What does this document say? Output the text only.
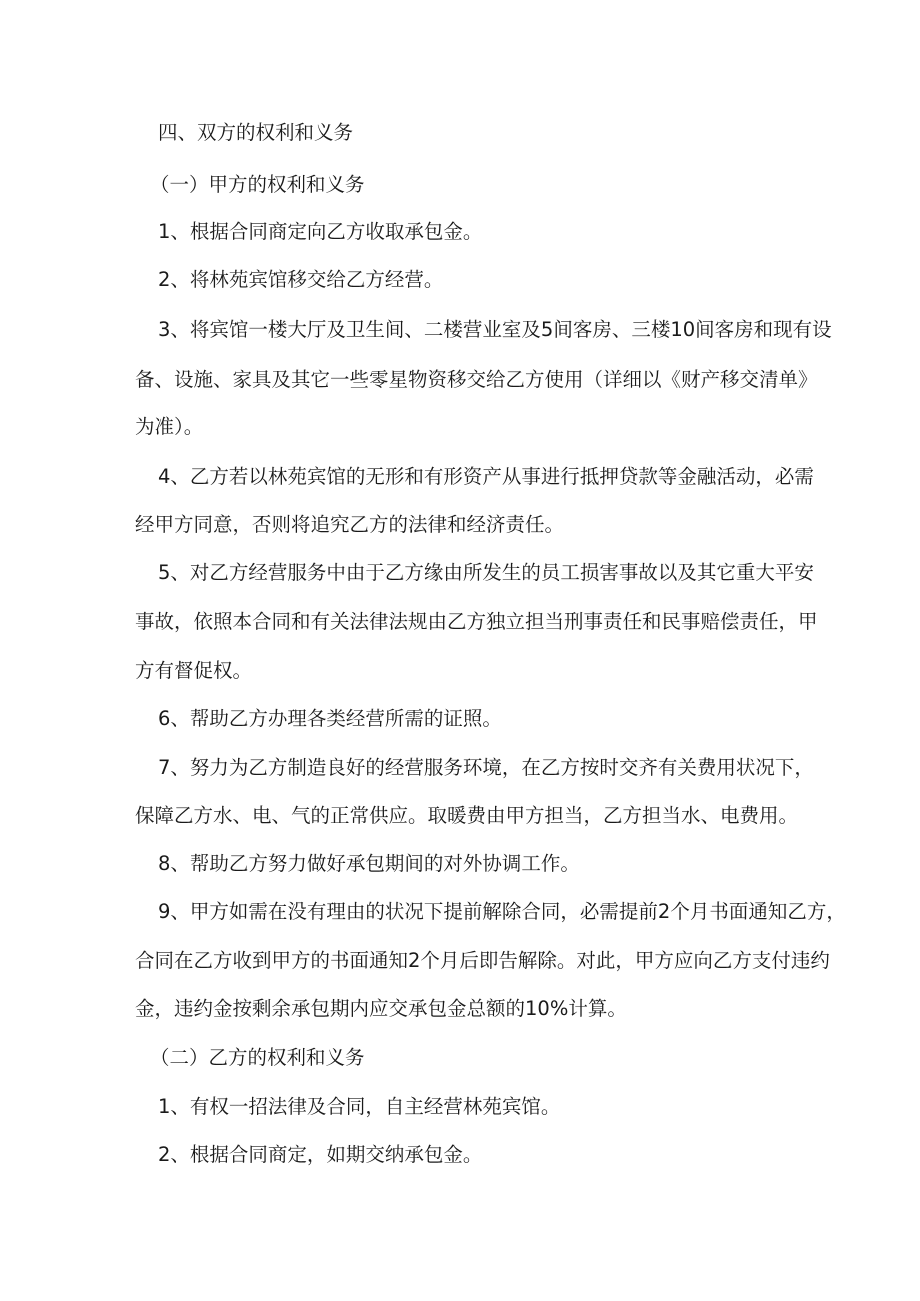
四、双方的权利和义务
（一）甲方的权利和义务
1、根据合同商定向乙方收取承包金。
2、将林苑宾馆移交给乙方经营。
3、将宾馆一楼大厅及卫生间、二楼营业室及5间客房、三楼10间客房和现有设
备、设施、家具及其它一些零星物资移交给乙方使用（详细以《财产移交清单》
为准）。
4、乙方若以林苑宾馆的无形和有形资产从事进行抵押贷款等金融活动，必需
经甲方同意，否则将追究乙方的法律和经济责任。
5、对乙方经营服务中由于乙方缘由所发生的员工损害事故以及其它重大平安
事故，依照本合同和有关法律法规由乙方独立担当刑事责任和民事赔偿责任，甲
方有督促权。
6、帮助乙方办理各类经营所需的证照。
7、努力为乙方制造良好的经营服务环境，在乙方按时交齐有关费用状况下，
保障乙方水、电、气的正常供应。取暖费由甲方担当，乙方担当水、电费用。
8、帮助乙方努力做好承包期间的对外协调工作。
9、甲方如需在没有理由的状况下提前解除合同，必需提前2个月书面通知乙方，
合同在乙方收到甲方的书面通知2个月后即告解除。对此，甲方应向乙方支付违约
金，违约金按剩余承包期内应交承包金总额的10%计算。
（二）乙方的权利和义务
1、有权一招法律及合同，自主经营林苑宾馆。
2、根据合同商定，如期交纳承包金。
